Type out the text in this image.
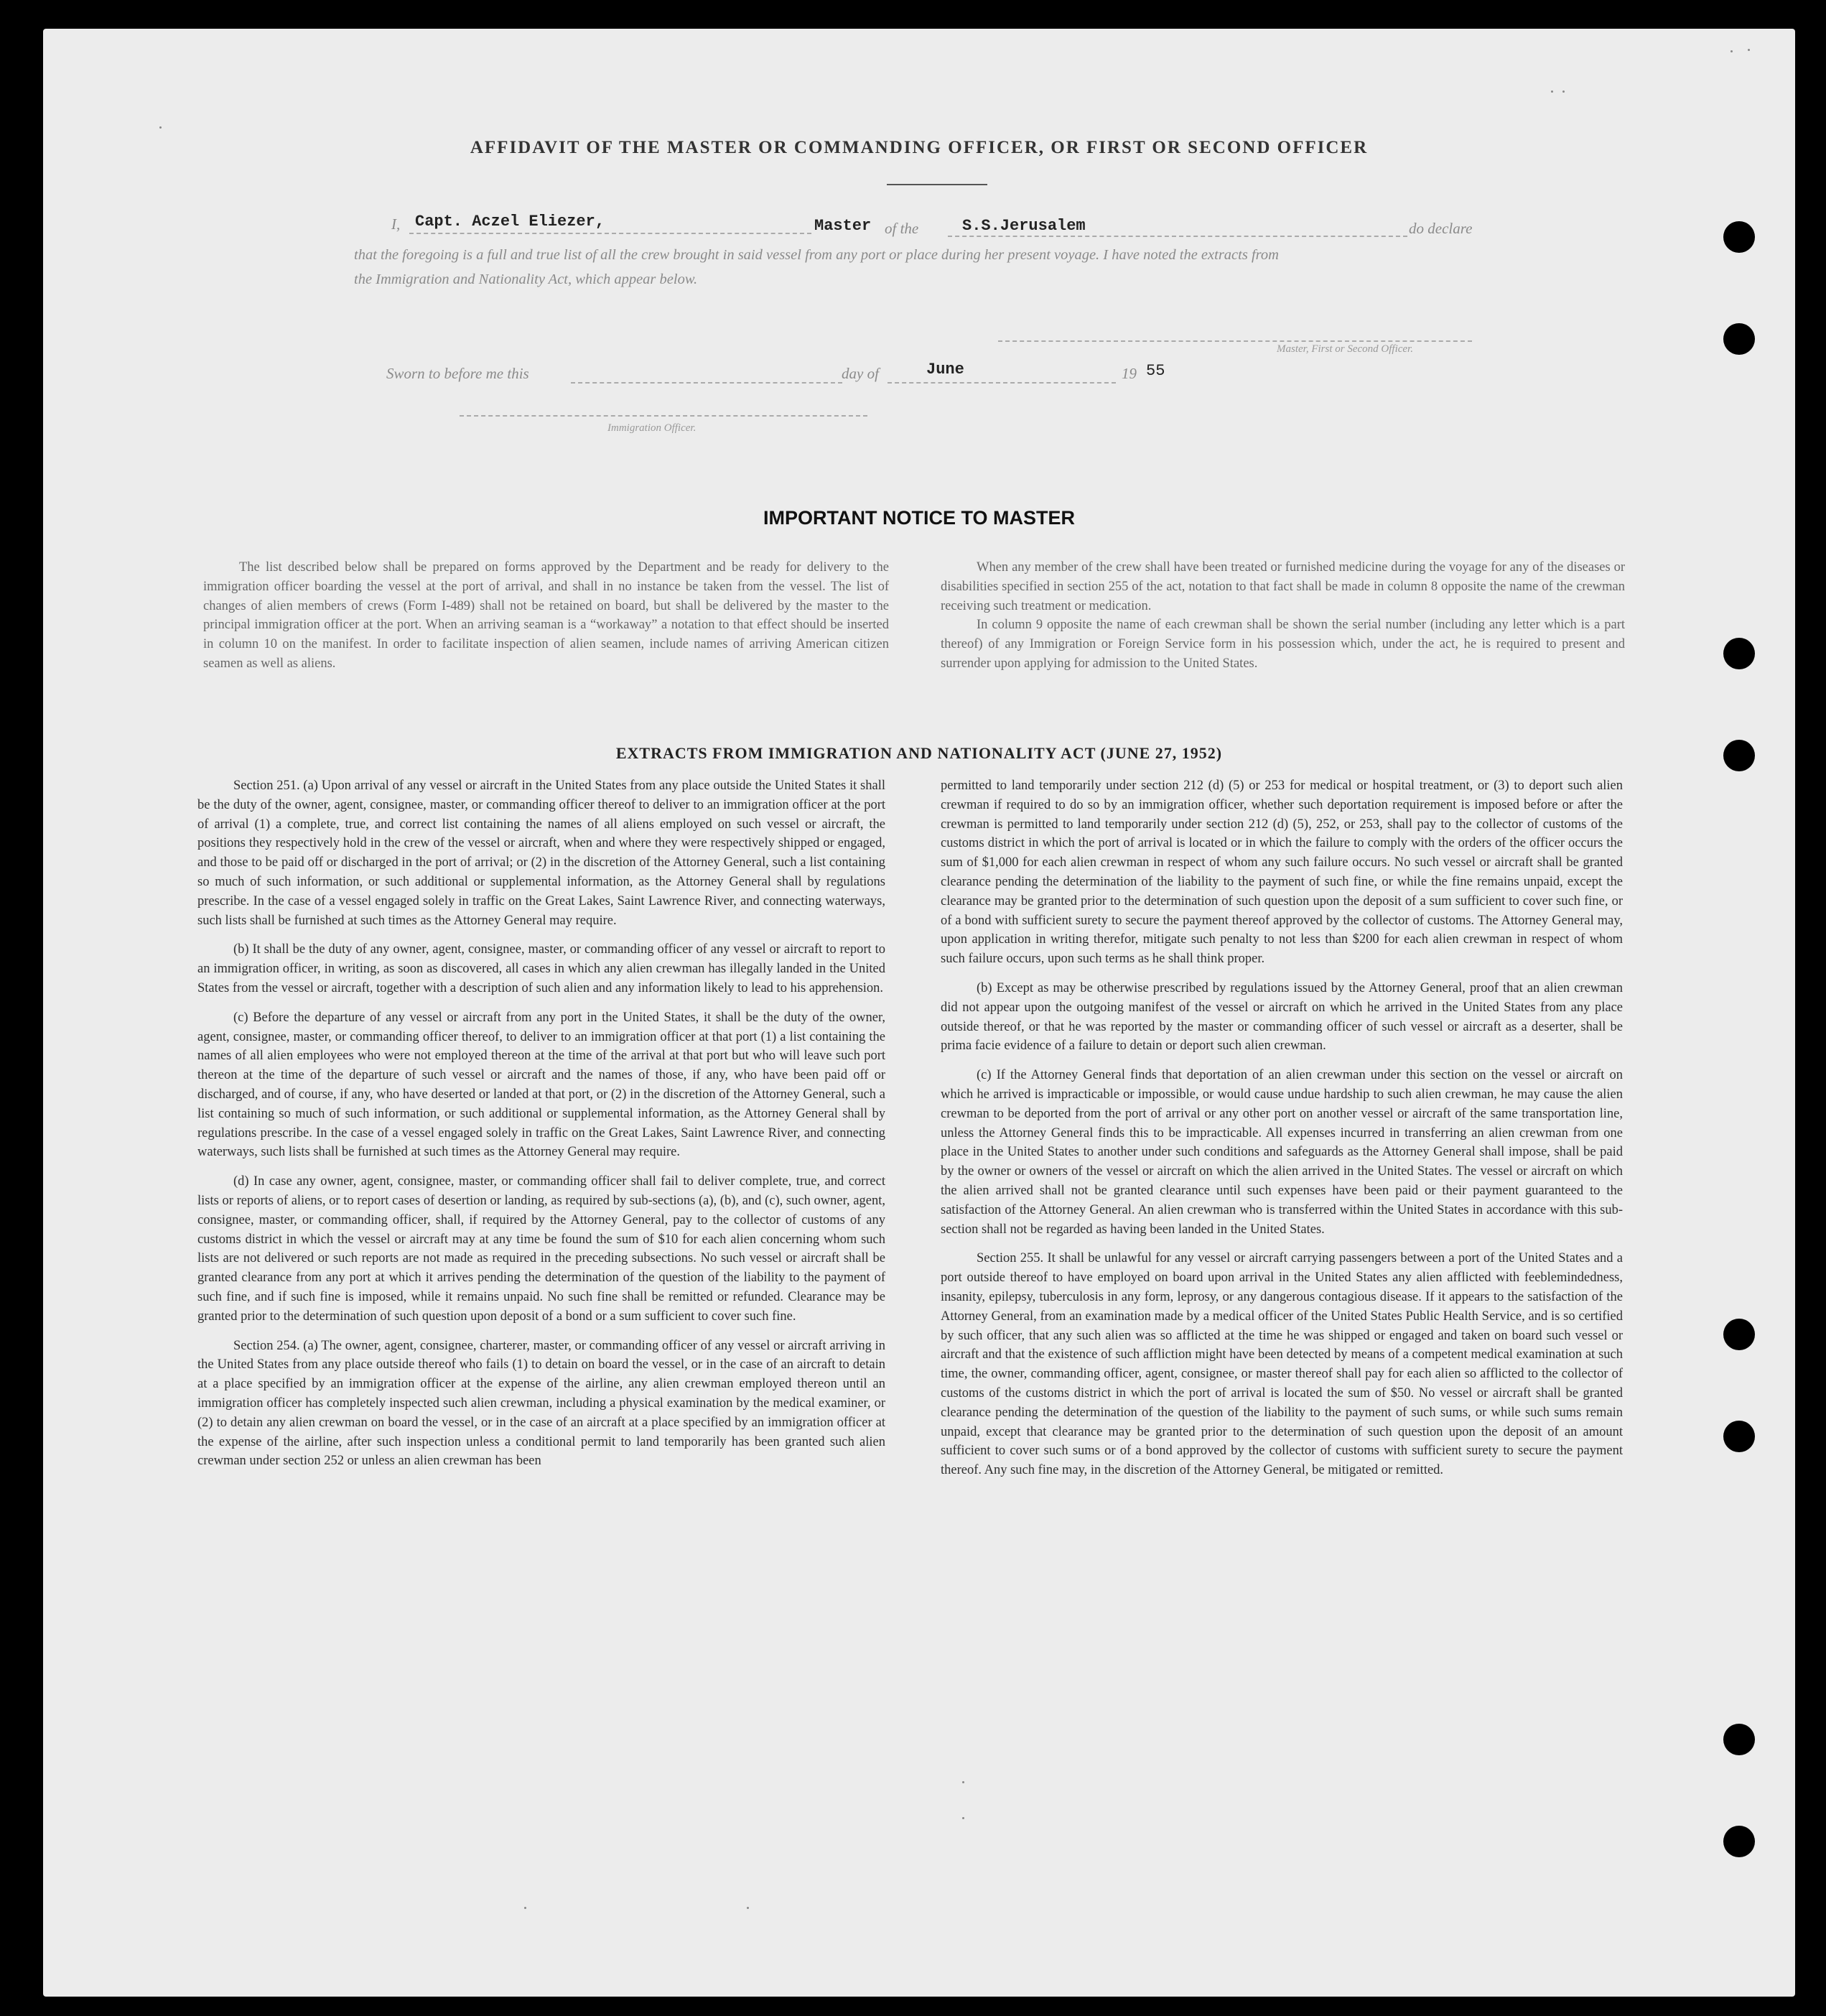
AFFIDAVIT OF THE MASTER OR COMMANDING OFFICER, OR FIRST OR SECOND OFFICER
I, Capt. Aczel Eliezer,	Master of the	S.S.Jerusalem	do declare
that the foregoing is a full and true list of all the crew brought in said vessel from any port or place during her present voyage. I have noted the extracts from
the Immigration and Nationality Act, which appear below.
Master, First or Second Officer.
Sworn to before me this	day of	June	19 55
Immigration Officer.
IMPORTANT NOTICE TO MASTER

The list described below shall be prepared on forms approved by the Department and be ready for delivery to the immigration officer boarding the vessel at the port of arrival, and shall in no instance be taken from the vessel. The list of changes of alien members of crews (Form I-489) shall not be retained on board, but shall be delivered by the master to the principal immigration officer at the port. When an arriving seaman is a “workaway” a notation to that effect should be inserted in column 10 on the manifest. In order to facilitate inspection of alien seamen, include names of arriving American citizen seamen as well as aliens.

When any member of the crew shall have been treated or furnished medicine during the voyage for any of the diseases or disabilities specified in section 255 of the act, notation to that fact shall be made in column 8 opposite the name of the crewman receiving such treatment or medication.

In column 9 opposite the name of each crewman shall be shown the serial number (including any letter which is a part thereof) of any Immigration or Foreign Service form in his possession which, under the act, he is required to present and surrender upon applying for admission to the United States.

EXTRACTS FROM IMMIGRATION AND NATIONALITY ACT (JUNE 27, 1952)

Section 251. (a) Upon arrival of any vessel or aircraft in the United States from any place outside the United States it shall be the duty of the owner, agent, consignee, master, or commanding officer thereof to deliver to an immigration officer at the port of arrival (1) a complete, true, and correct list containing the names of all aliens employed on such vessel or aircraft, the positions they respectively hold in the crew of the vessel or aircraft, when and where they were respectively shipped or engaged, and those to be paid off or discharged in the port of arrival; or (2) in the discretion of the Attorney General, such a list containing so much of such information, or such additional or supplemental information, as the Attorney General shall by regulations prescribe. In the case of a vessel engaged solely in traffic on the Great Lakes, Saint Lawrence River, and connecting waterways, such lists shall be furnished at such times as the Attorney General may require.

(b) It shall be the duty of any owner, agent, consignee, master, or commanding officer of any vessel or aircraft to report to an immigration officer, in writing, as soon as discovered, all cases in which any alien crewman has illegally landed in the United States from the vessel or aircraft, together with a description of such alien and any information likely to lead to his apprehension.

(c) Before the departure of any vessel or aircraft from any port in the United States, it shall be the duty of the owner, agent, consignee, master, or commanding officer thereof, to deliver to an immigration officer at that port (1) a list containing the names of all alien employees who were not employed thereon at the time of the arrival at that port but who will leave such port thereon at the time of the departure of such vessel or aircraft and the names of those, if any, who have been paid off or discharged, and of course, if any, who have deserted or landed at that port, or (2) in the discretion of the Attorney General, such a list containing so much of such information, or such additional or supplemental information, as the Attorney General shall by regulations prescribe. In the case of a vessel engaged solely in traffic on the Great Lakes, Saint Lawrence River, and connecting waterways, such lists shall be furnished at such times as the Attorney General may require.

(d) In case any owner, agent, consignee, master, or commanding officer shall fail to deliver complete, true, and correct lists or reports of aliens, or to report cases of desertion or landing, as required by sub-sections (a), (b), and (c), such owner, agent, consignee, master, or commanding officer, shall, if required by the Attorney General, pay to the collector of customs of any customs district in which the vessel or aircraft may at any time be found the sum of $10 for each alien concerning whom such lists are not delivered or such reports are not made as required in the preceding subsections. No such vessel or aircraft shall be granted clearance from any port at which it arrives pending the determination of the question of the liability to the payment of such fine, and if such fine is imposed, while it remains unpaid. No such fine shall be remitted or refunded. Clearance may be granted prior to the determination of such question upon deposit of a bond or a sum sufficient to cover such fine.

Section 254. (a) The owner, agent, consignee, charterer, master, or commanding officer of any vessel or aircraft arriving in the United States from any place outside thereof who fails (1) to detain on board the vessel, or in the case of an aircraft to detain at a place specified by an immigration officer at the expense of the airline, any alien crewman employed thereon until an immigration officer has completely inspected such alien crewman, including a physical examination by the medical examiner, or (2) to detain any alien crewman on board the vessel, or in the case of an aircraft at a place specified by an immigration officer at the expense of the airline, after such inspection unless a conditional permit to land temporarily has been granted such alien crewman under section 252 or unless an alien crewman has been

permitted to land temporarily under section 212 (d) (5) or 253 for medical or hospital treatment, or (3) to deport such alien crewman if required to do so by an immigration officer, whether such deportation requirement is imposed before or after the crewman is permitted to land temporarily under section 212 (d) (5), 252, or 253, shall pay to the collector of customs of the customs district in which the port of arrival is located or in which the failure to comply with the orders of the officer occurs the sum of $1,000 for each alien crewman in respect of whom any such failure occurs. No such vessel or aircraft shall be granted clearance pending the determination of the liability to the payment of such fine, or while the fine remains unpaid, except the clearance may be granted prior to the determination of such question upon the deposit of a sum sufficient to cover such fine, or of a bond with sufficient surety to secure the payment thereof approved by the collector of customs. The Attorney General may, upon application in writing therefor, mitigate such penalty to not less than $200 for each alien crewman in respect of whom such failure occurs, upon such terms as he shall think proper.

(b) Except as may be otherwise prescribed by regulations issued by the Attorney General, proof that an alien crewman did not appear upon the outgoing manifest of the vessel or aircraft on which he arrived in the United States from any place outside thereof, or that he was reported by the master or commanding officer of such vessel or aircraft as a deserter, shall be prima facie evidence of a failure to detain or deport such alien crewman.

(c) If the Attorney General finds that deportation of an alien crewman under this section on the vessel or aircraft on which he arrived is impracticable or impossible, or would cause undue hardship to such alien crewman, he may cause the alien crewman to be deported from the port of arrival or any other port on another vessel or aircraft of the same transportation line, unless the Attorney General finds this to be impracticable. All expenses incurred in transferring an alien crewman from one place in the United States to another under such conditions and safeguards as the Attorney General shall impose, shall be paid by the owner or owners of the vessel or aircraft on which the alien arrived in the United States. The vessel or aircraft on which the alien arrived shall not be granted clearance until such expenses have been paid or their payment guaranteed to the satisfaction of the Attorney General. An alien crewman who is transferred within the United States in accordance with this sub-section shall not be regarded as having been landed in the United States.

Section 255. It shall be unlawful for any vessel or aircraft carrying passengers between a port of the United States and a port outside thereof to have employed on board upon arrival in the United States any alien afflicted with feeblemindedness, insanity, epilepsy, tuberculosis in any form, leprosy, or any dangerous contagious disease. If it appears to the satisfaction of the Attorney General, from an examination made by a medical officer of the United States Public Health Service, and is so certified by such officer, that any such alien was so afflicted at the time he was shipped or engaged and taken on board such vessel or aircraft and that the existence of such affliction might have been detected by means of a competent medical examination at such time, the owner, commanding officer, agent, consignee, or master thereof shall pay for each alien so afflicted to the collector of customs of the customs district in which the port of arrival is located the sum of $50. No vessel or aircraft shall be granted clearance pending the determination of the question of the liability to the payment of such sums, or while such sums remain unpaid, except that clearance may be granted prior to the determination of such question upon the deposit of an amount sufficient to cover such sums or of a bond approved by the collector of customs with sufficient surety to secure the payment thereof. Any such fine may, in the discretion of the Attorney General, be mitigated or remitted.
